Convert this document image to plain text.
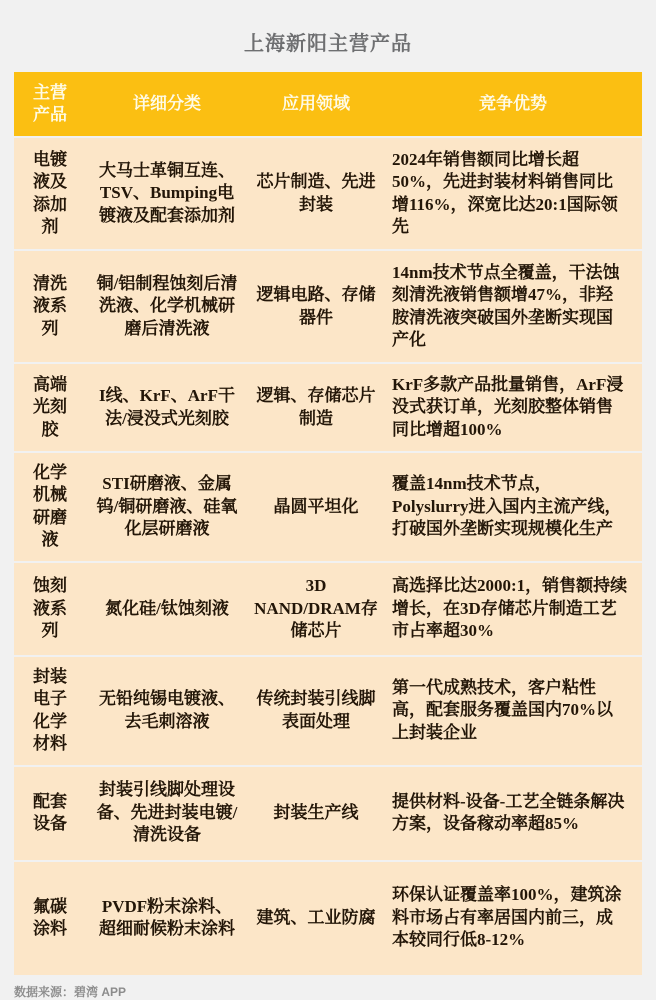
上海新阳主营产品
主营产品
详细分类	应用领域	竞争优势
电镀液及添加剂
大马士革铜互连、TSV、Bumping电镀液及配套添加剂
芯片制造、先进封装
2024年销售额同比增长超50%，先进封装材料销售同比增116%，深宽比达20:1国际领先
清洗液系列
铜/铝制程蚀刻后清洗液、化学机械研磨后清洗液
逻辑电路、存储器件
14nm技术节点全覆盖，干法蚀刻清洗液销售额增47%，非羟胺清洗液突破国外垄断实现国产化
高端光刻胶
I线、KrF、ArF干法/浸没式光刻胶
逻辑、存储芯片制造
KrF多款产品批量销售，ArF浸没式获订单，光刻胶整体销售同比增超100%
化学机械研磨液
STI研磨液、金属钨/铜研磨液、硅氧化层研磨液
晶圆平坦化
覆盖14nm技术节点，Polyslurry进入国内主流产线，打破国外垄断实现规模化生产
蚀刻液系列
氮化硅/钛蚀刻液
3D NAND/DRAM存储芯片
高选择比达2000:1，销售额持续增长，在3D存储芯片制造工艺市占率超30%
封装电子化学材料
无铅纯锡电镀液、去毛刺溶液
传统封装引线脚表面处理
第一代成熟技术，客户粘性高，配套服务覆盖国内70%以上封装企业
配套设备
封装引线脚处理设备、先进封装电镀/清洗设备
封装生产线
提供材料-设备-工艺全链条解决方案，设备稼动率超85%
氟碳涂料
PVDF粉末涂料、超细耐候粉末涂料
建筑、工业防腐
环保认证覆盖率100%，建筑涂料市场占有率居国内前三，成本较同行低8-12%
数据来源：碧湾 APP
